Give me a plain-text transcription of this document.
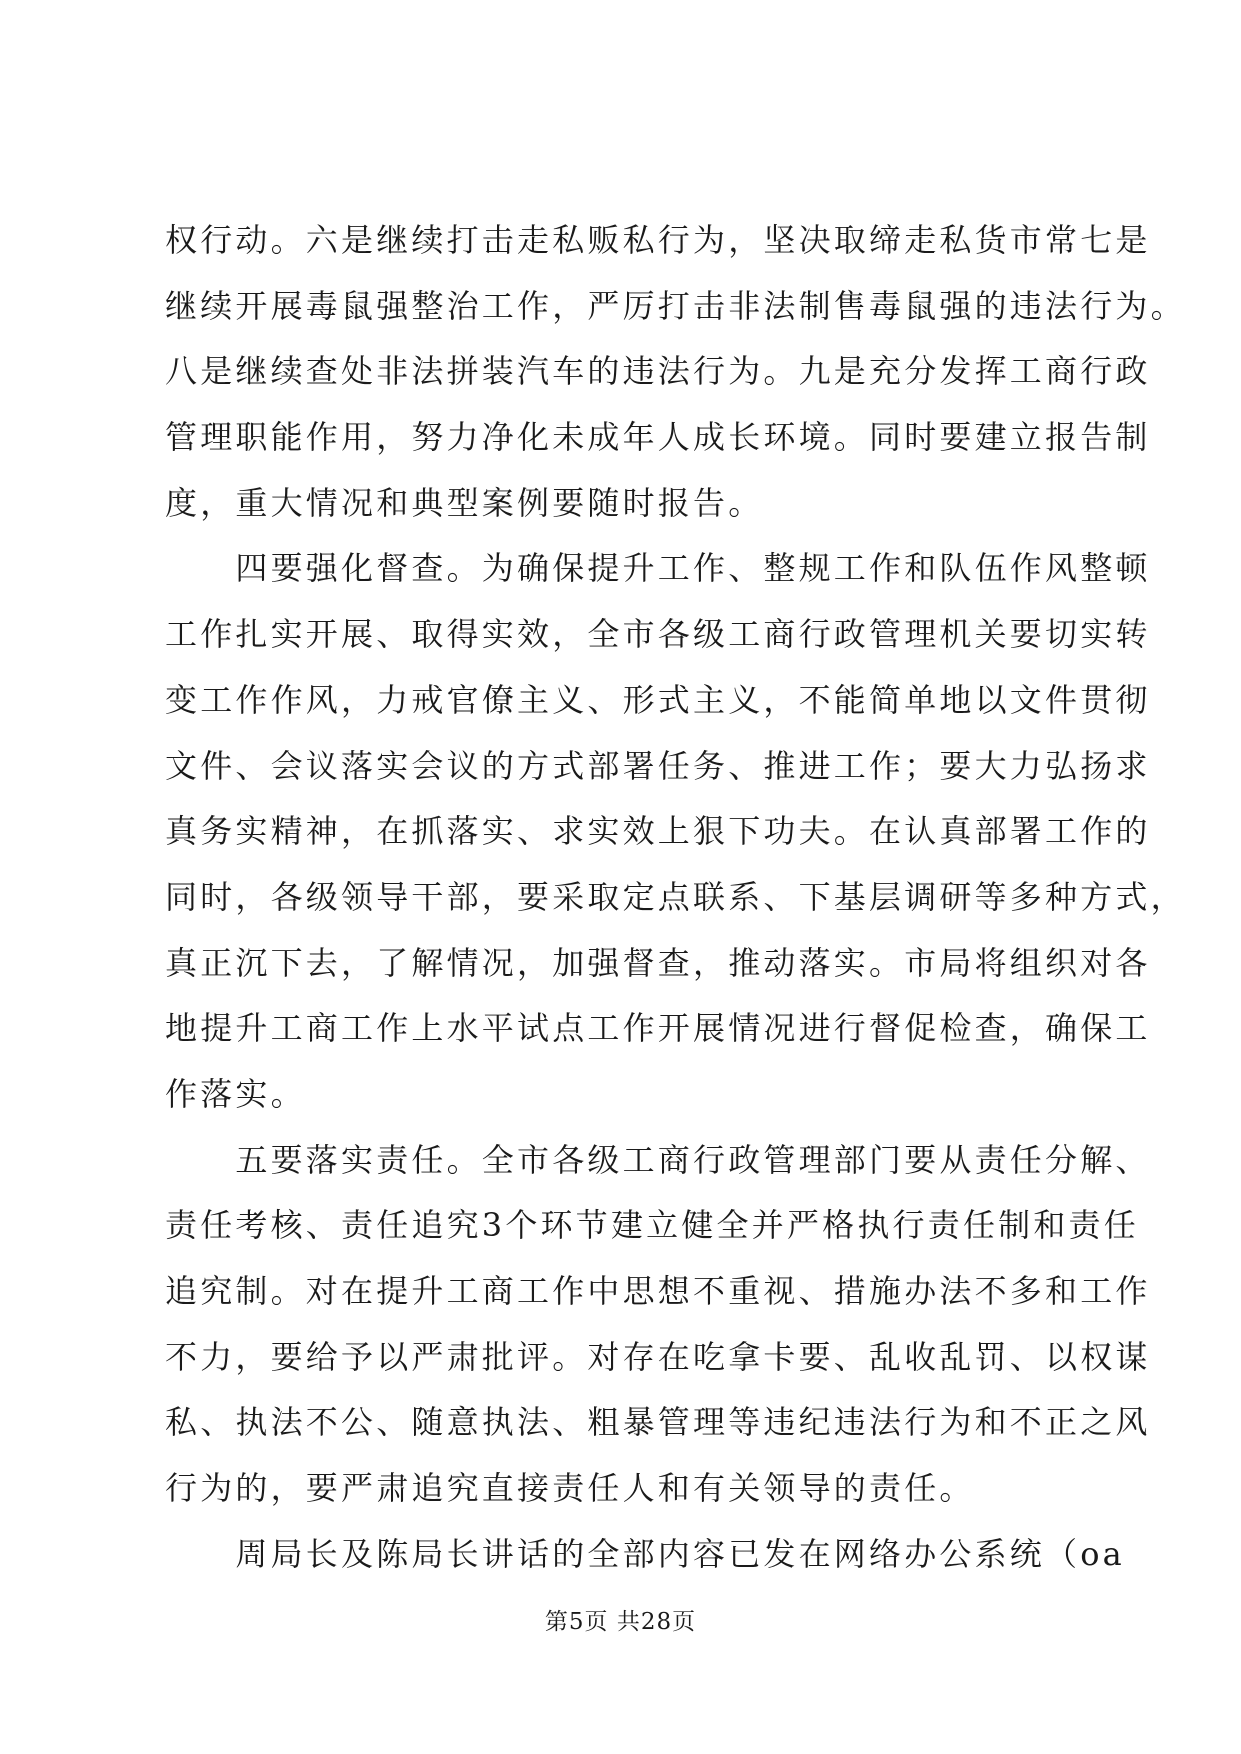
权行动。六是继续打击走私贩私行为，坚决取缔走私货市常七是
继续开展毒鼠强整治工作，严厉打击非法制售毒鼠强的违法行为。
八是继续查处非法拼装汽车的违法行为。九是充分发挥工商行政
管理职能作用，努力净化未成年人成长环境。同时要建立报告制
度，重大情况和典型案例要随时报告。
　　四要强化督查。为确保提升工作、整规工作和队伍作风整顿
工作扎实开展、取得实效，全市各级工商行政管理机关要切实转
变工作作风，力戒官僚主义、形式主义，不能简单地以文件贯彻
文件、会议落实会议的方式部署任务、推进工作；要大力弘扬求
真务实精神，在抓落实、求实效上狠下功夫。在认真部署工作的
同时，各级领导干部，要采取定点联系、下基层调研等多种方式，
真正沉下去，了解情况，加强督查，推动落实。市局将组织对各
地提升工商工作上水平试点工作开展情况进行督促检查，确保工
作落实。
　　五要落实责任。全市各级工商行政管理部门要从责任分解、
责任考核、责任追究3个环节建立健全并严格执行责任制和责任
追究制。对在提升工商工作中思想不重视、措施办法不多和工作
不力，要给予以严肃批评。对存在吃拿卡要、乱收乱罚、以权谋
私、执法不公、随意执法、粗暴管理等违纪违法行为和不正之风
行为的，要严肃追究直接责任人和有关领导的责任。
　　周局长及陈局长讲话的全部内容已发在网络办公系统（oa
第5页 共28页
